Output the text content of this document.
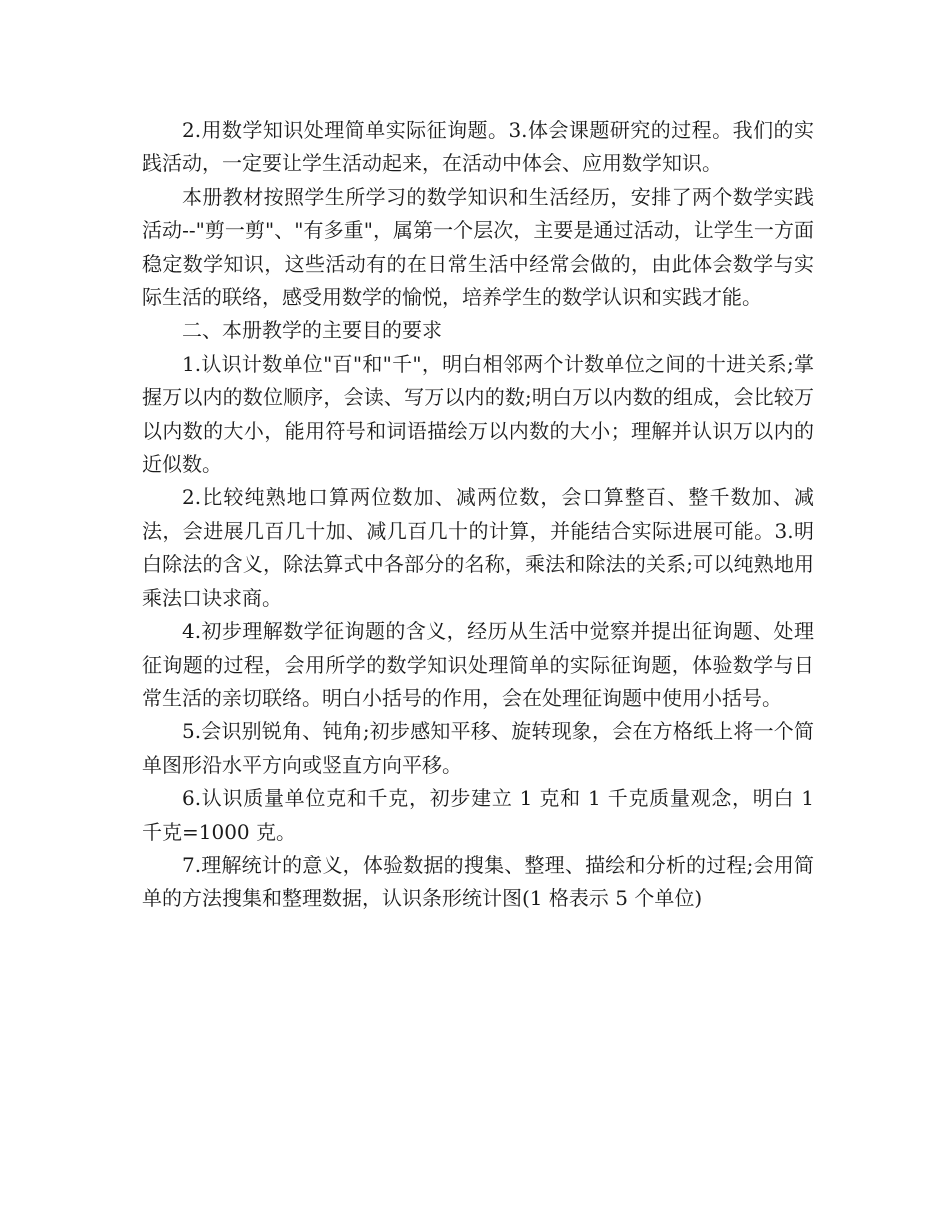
2.用数学知识处理简单实际征询题。3.体会课题研究的过程。我们的实践活动，一定要让学生活动起来，在活动中体会、应用数学知识。

本册教材按照学生所学习的数学知识和生活经历，安排了两个数学实践活动--"剪一剪"、"有多重"，属第一个层次，主要是通过活动，让学生一方面稳定数学知识，这些活动有的在日常生活中经常会做的，由此体会数学与实际生活的联络，感受用数学的愉悦，培养学生的数学认识和实践才能。

二、本册教学的主要目的要求

1.认识计数单位"百"和"千"，明白相邻两个计数单位之间的十进关系;掌握万以内的数位顺序，会读、写万以内的数;明白万以内数的组成，会比较万以内数的大小，能用符号和词语描绘万以内数的大小；理解并认识万以内的近似数。

2.比较纯熟地口算两位数加、减两位数，会口算整百、整千数加、减法，会进展几百几十加、减几百几十的计算，并能结合实际进展可能。3.明白除法的含义，除法算式中各部分的名称，乘法和除法的关系;可以纯熟地用乘法口诀求商。

4.初步理解数学征询题的含义，经历从生活中觉察并提出征询题、处理征询题的过程，会用所学的数学知识处理简单的实际征询题，体验数学与日常生活的亲切联络。明白小括号的作用，会在处理征询题中使用小括号。

5.会识别锐角、钝角;初步感知平移、旋转现象，会在方格纸上将一个简单图形沿水平方向或竖直方向平移。

6.认识质量单位克和千克，初步建立 1 克和 1 千克质量观念，明白 1 千克=1000 克。

7.理解统计的意义，体验数据的搜集、整理、描绘和分析的过程;会用简单的方法搜集和整理数据，认识条形统计图(1 格表示 5 个单位)
